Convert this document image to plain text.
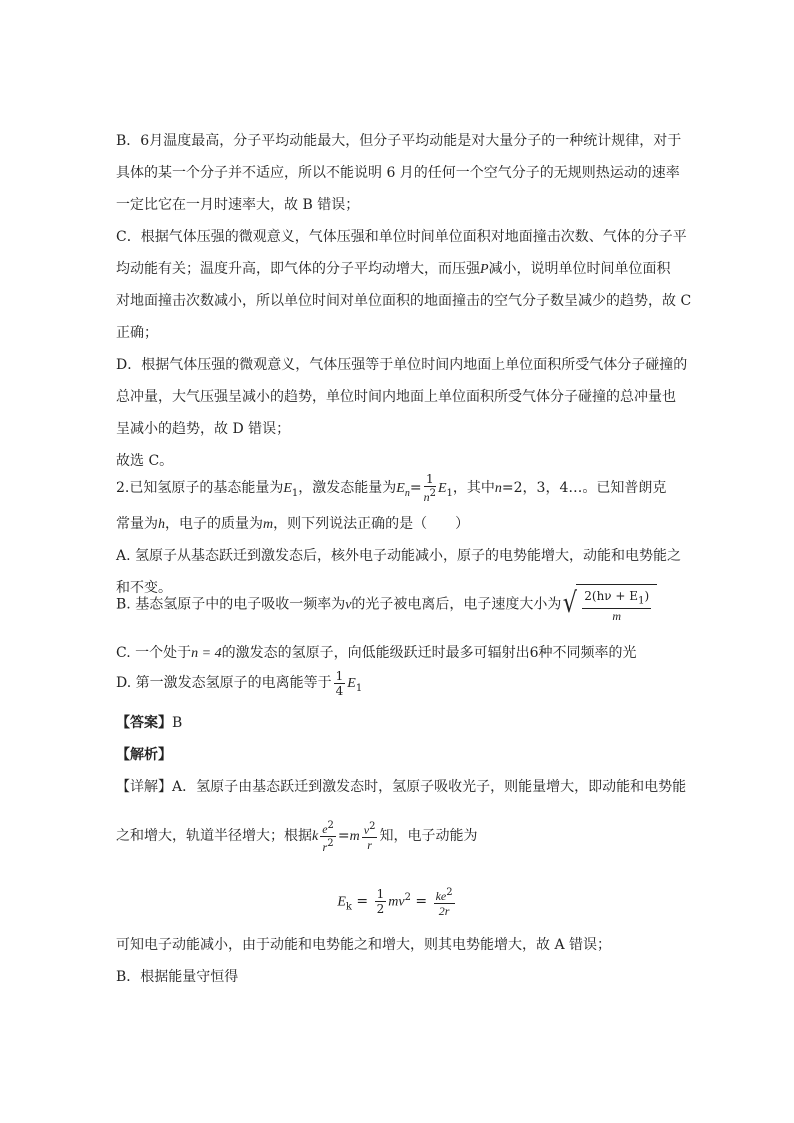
B．6月温度最高，分子平均动能最大，但分子平均动能是对大量分子的一种统计规律，对于
具体的某一个分子并不适应，所以不能说明 6 月的任何一个空气分子的无规则热运动的速率
一定比它在一月时速率大，故 B 错误；
C．根据气体压强的微观意义，气体压强和单位时间单位面积对地面撞击次数、气体的分子平
均动能有关；温度升高，即气体的分子平均动增大，而压强P减小，说明单位时间单位面积
对地面撞击次数减小，所以单位时间对单位面积的地面撞击的空气分子数呈减少的趋势，故 C
正确；
D．根据气体压强的微观意义，气体压强等于单位时间内地面上单位面积所受气体分子碰撞的
总冲量，大气压强呈减小的趋势，单位时间内地面上单位面积所受气体分子碰撞的总冲量也
呈减小的趋势，故 D 错误；
故选 C。
2.已知氢原子的基态能量为$E_1$，激发态能量为$E_n= \frac{1}{n^2} E_1$，其中n=2，3，4…。已知普朗克
常量为h，电子的质量为m，则下列说法正确的是（　　）
A. 氢原子从基态跃迁到激发态后，核外电子动能减小，原子的电势能增大，动能和电势能之
和不变。
B. 基态氢原子中的电子吸收一频率为ν的光子被电离后，电子速度大小为 √ $\frac{2(h\nu + E_1)}{m}$
C. 一个处于n = 4的激发态的氢原子，向低能级跃迁时最多可辐射出6种不同频率的光
D. 第一激发态氢原子的电离能等于 $\frac{1}{4} E_1$
【答案】B
【解析】
【详解】A．氢原子由基态跃迁到激发态时，氢原子吸收光子，则能量增大，即动能和电势能
之和增大，轨道半径增大；根据k $\frac{e^2}{r^2} =m \frac{v^2}{r}$ 知，电子动能为
$E_k = \frac{1}{2} mv^2 = \frac{ke^2}{2r}$
可知电子动能减小，由于动能和电势能之和增大，则其电势能增大，故 A 错误；
B．根据能量守恒得
